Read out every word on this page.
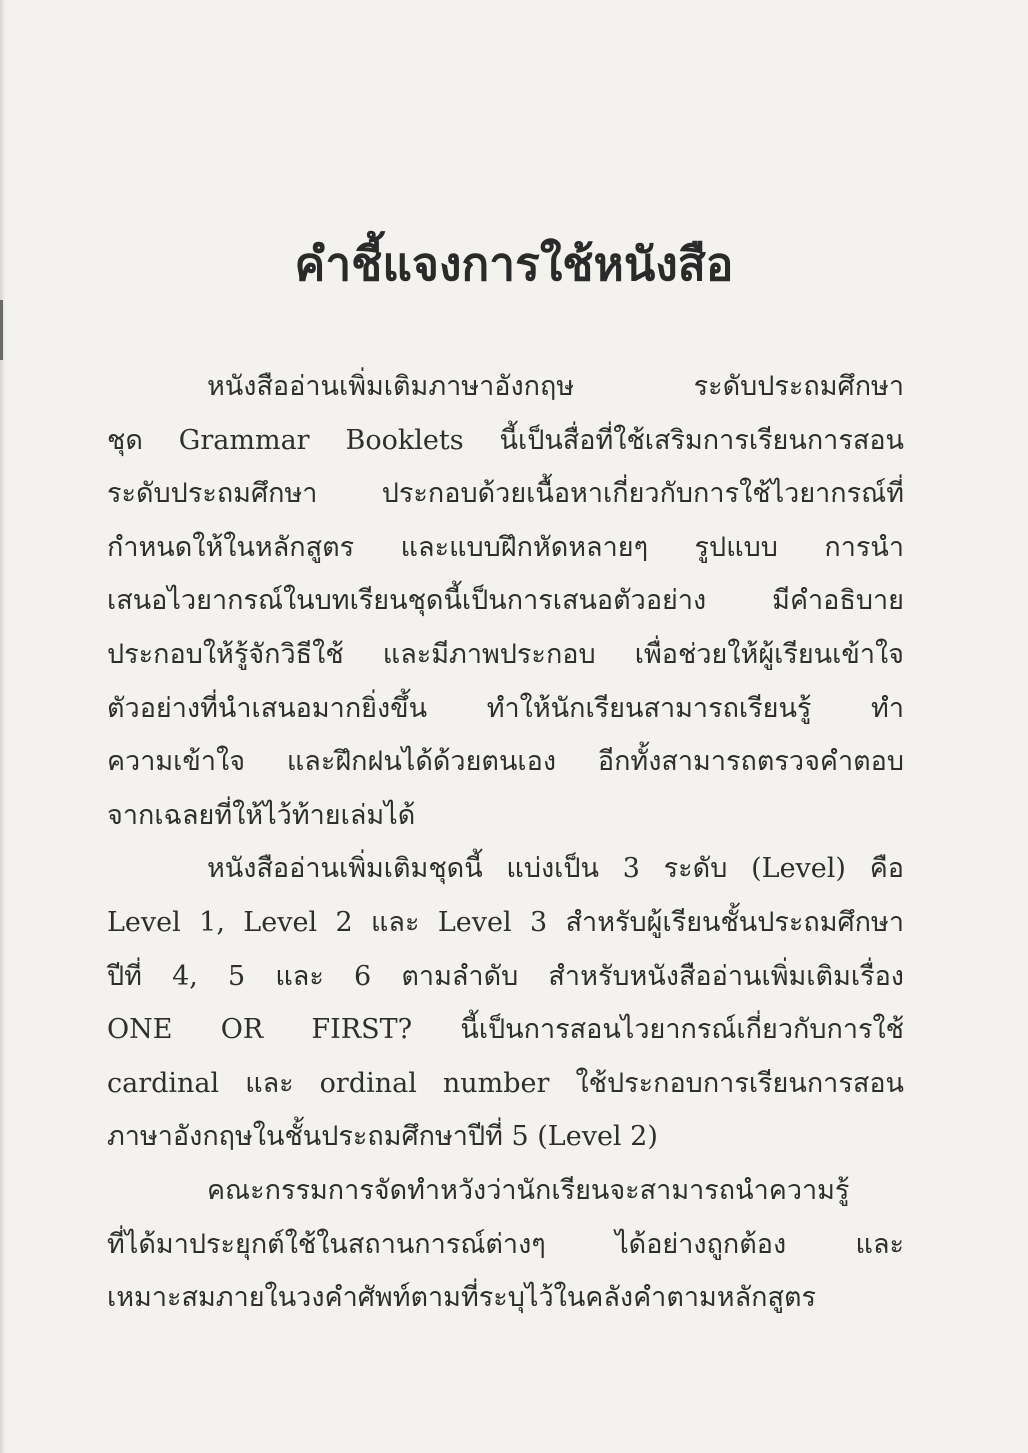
คำชี้แจงการใช้หนังสือ
หนังสืออ่านเพิ่มเติมภาษาอังกฤษ ระดับประถมศึกษา
ชุด Grammar Booklets นี้เป็นสื่อที่ใช้เสริมการเรียนการสอน
ระดับประถมศึกษา ประกอบด้วยเนื้อหาเกี่ยวกับการใช้ไวยากรณ์ที่
กำหนดให้ในหลักสูตร และแบบฝึกหัดหลายๆ รูปแบบ การนำ
เสนอไวยากรณ์ในบทเรียนชุดนี้เป็นการเสนอตัวอย่าง มีคำอธิบาย
ประกอบให้รู้จักวิธีใช้ และมีภาพประกอบ เพื่อช่วยให้ผู้เรียนเข้าใจ
ตัวอย่างที่นำเสนอมากยิ่งขึ้น ทำให้นักเรียนสามารถเรียนรู้ ทำ
ความเข้าใจ และฝึกฝนได้ด้วยตนเอง อีกทั้งสามารถตรวจคำตอบ
จากเฉลยที่ให้ไว้ท้ายเล่มได้
หนังสืออ่านเพิ่มเติมชุดนี้ แบ่งเป็น 3 ระดับ (Level) คือ
Level 1, Level 2 และ Level 3 สำหรับผู้เรียนชั้นประถมศึกษา
ปีที่ 4, 5 และ 6 ตามลำดับ สำหรับหนังสืออ่านเพิ่มเติมเรื่อง
ONE OR FIRST? นี้เป็นการสอนไวยากรณ์เกี่ยวกับการใช้
cardinal และ ordinal number ใช้ประกอบการเรียนการสอน
ภาษาอังกฤษในชั้นประถมศึกษาปีที่ 5 (Level 2)
คณะกรรมการจัดทำหวังว่านักเรียนจะสามารถนำความรู้
ที่ได้มาประยุกต์ใช้ในสถานการณ์ต่างๆ ได้อย่างถูกต้อง และ
เหมาะสมภายในวงคำศัพท์ตามที่ระบุไว้ในคลังคำตามหลักสูตร
